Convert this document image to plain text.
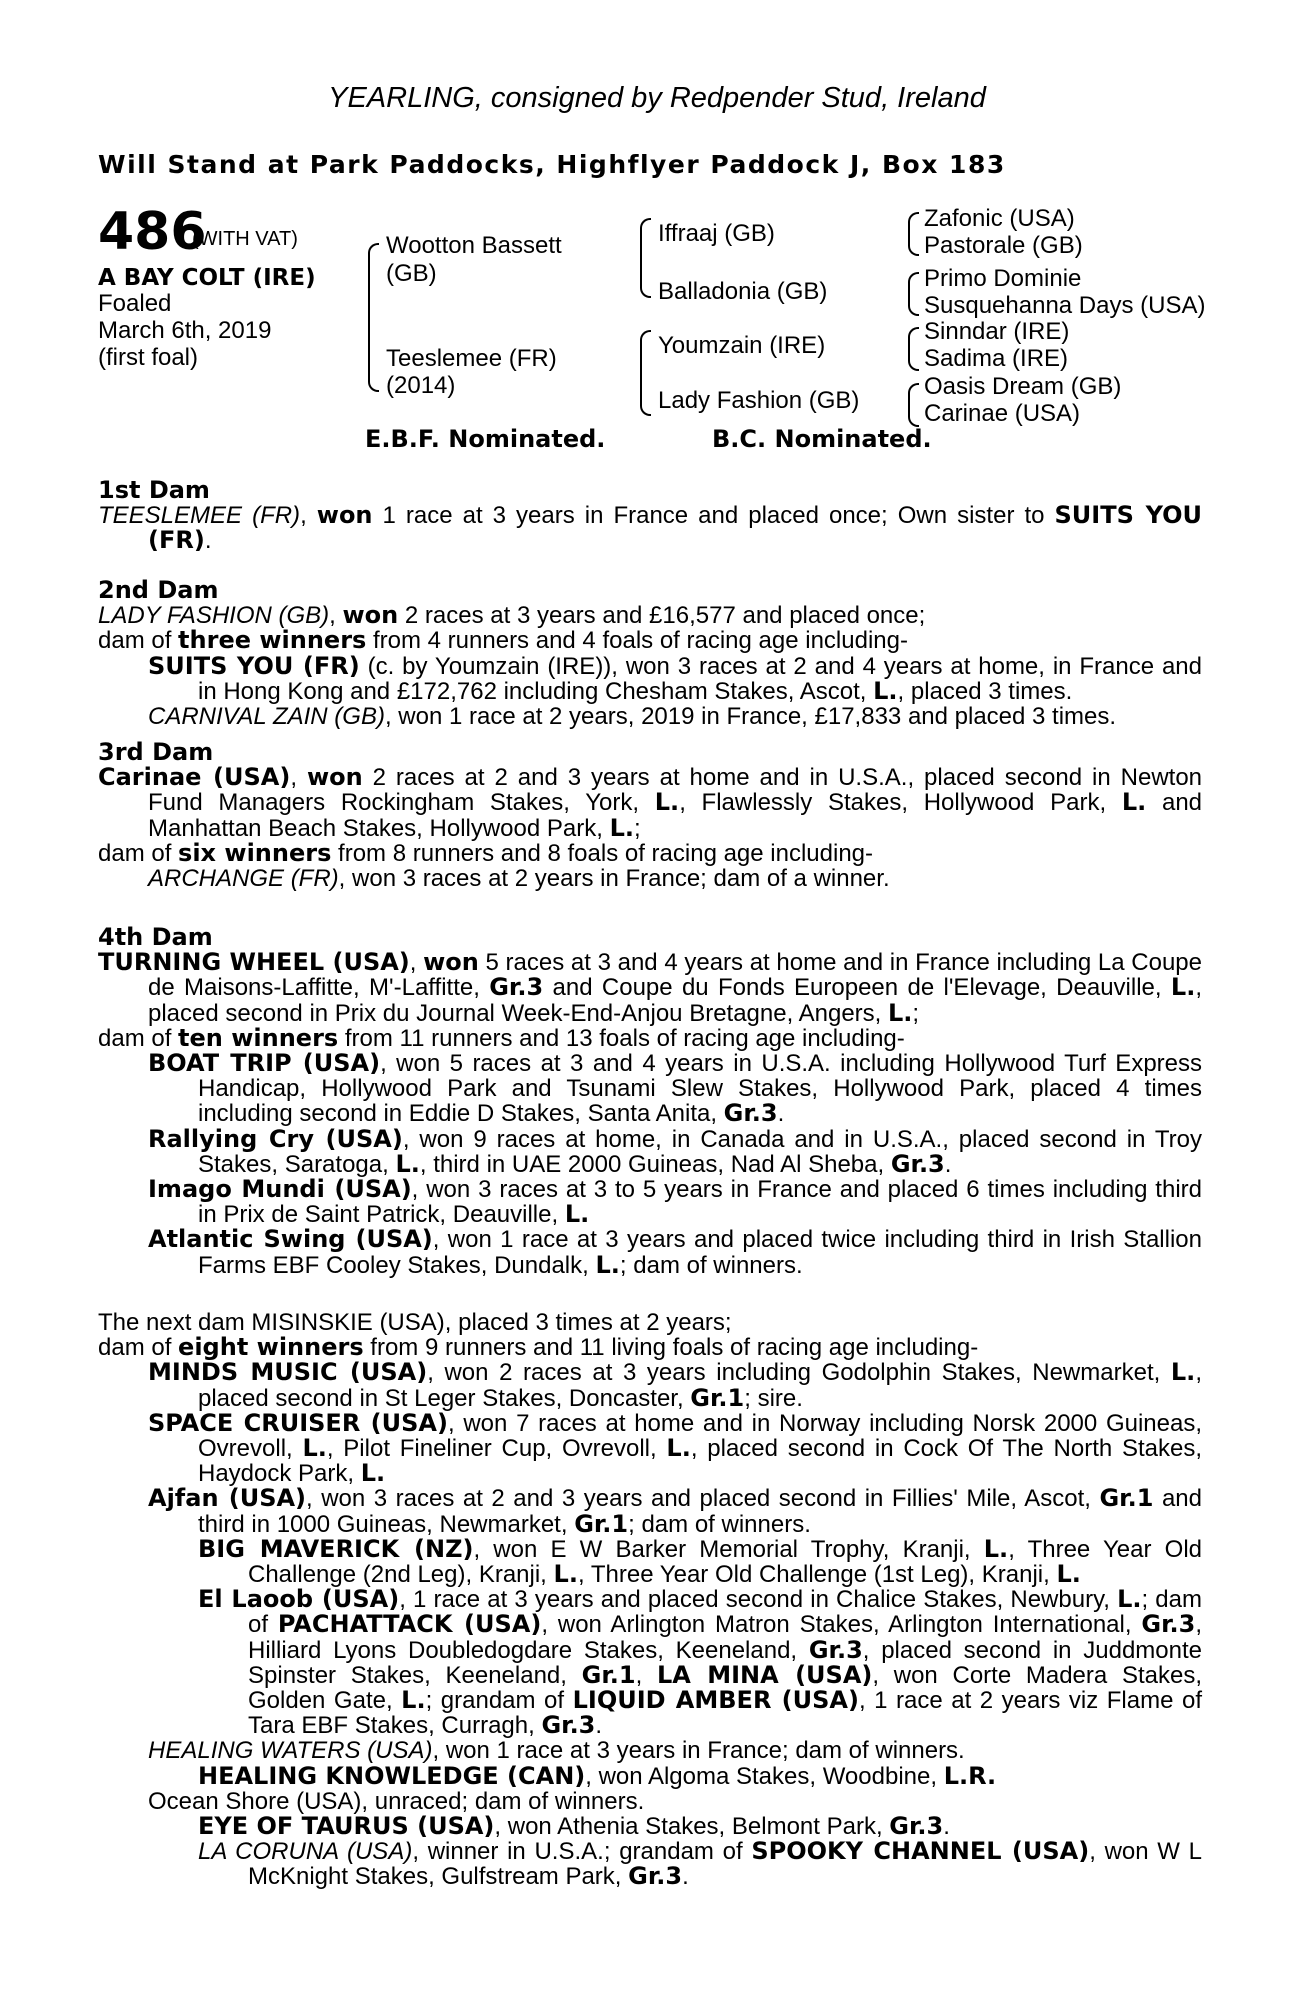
YEARLING, consigned by Redpender Stud, Ireland
Will Stand at Park Paddocks, Highflyer Paddock J, Box 183
486
(WITH VAT)
A BAY COLT (IRE)
Foaled
March 6th, 2019
(first foal)
Wootton Bassett
(GB)
Teeslemee (FR)
(2014)
Iffraaj (GB)
Balladonia (GB)
Youmzain (IRE)
Lady Fashion (GB)
Zafonic (USA)
Pastorale (GB)
Primo Dominie
Susquehanna Days (USA)
Sinndar (IRE)
Sadima (IRE)
Oasis Dream (GB)
Carinae (USA)
E.B.F. Nominated.	B.C. Nominated.
1st Dam
TEESLEMEE (FR), won 1 race at 3 years in France and placed once; Own sister to SUITS YOU (FR).
2nd Dam
LADY FASHION (GB), won 2 races at 3 years and £16,577 and placed once;
dam of three winners from 4 runners and 4 foals of racing age including-
SUITS YOU (FR) (c. by Youmzain (IRE)), won 3 races at 2 and 4 years at home, in France and in Hong Kong and £172,762 including Chesham Stakes, Ascot, L., placed 3 times.
CARNIVAL ZAIN (GB), won 1 race at 2 years, 2019 in France, £17,833 and placed 3 times.
3rd Dam
Carinae (USA), won 2 races at 2 and 3 years at home and in U.S.A., placed second in Newton Fund Managers Rockingham Stakes, York, L., Flawlessly Stakes, Hollywood Park, L. and Manhattan Beach Stakes, Hollywood Park, L.;
dam of six winners from 8 runners and 8 foals of racing age including-
ARCHANGE (FR), won 3 races at 2 years in France; dam of a winner.
4th Dam
TURNING WHEEL (USA), won 5 races at 3 and 4 years at home and in France including La Coupe de Maisons-Laffitte, M'-Laffitte, Gr.3 and Coupe du Fonds Europeen de l'Elevage, Deauville, L., placed second in Prix du Journal Week-End-Anjou Bretagne, Angers, L.;
dam of ten winners from 11 runners and 13 foals of racing age including-
BOAT TRIP (USA), won 5 races at 3 and 4 years in U.S.A. including Hollywood Turf Express Handicap, Hollywood Park and Tsunami Slew Stakes, Hollywood Park, placed 4 times including second in Eddie D Stakes, Santa Anita, Gr.3.
Rallying Cry (USA), won 9 races at home, in Canada and in U.S.A., placed second in Troy Stakes, Saratoga, L., third in UAE 2000 Guineas, Nad Al Sheba, Gr.3.
Imago Mundi (USA), won 3 races at 3 to 5 years in France and placed 6 times including third in Prix de Saint Patrick, Deauville, L.
Atlantic Swing (USA), won 1 race at 3 years and placed twice including third in Irish Stallion Farms EBF Cooley Stakes, Dundalk, L.; dam of winners.
The next dam MISINSKIE (USA), placed 3 times at 2 years;
dam of eight winners from 9 runners and 11 living foals of racing age including-
MINDS MUSIC (USA), won 2 races at 3 years including Godolphin Stakes, Newmarket, L., placed second in St Leger Stakes, Doncaster, Gr.1; sire.
SPACE CRUISER (USA), won 7 races at home and in Norway including Norsk 2000 Guineas, Ovrevoll, L., Pilot Fineliner Cup, Ovrevoll, L., placed second in Cock Of The North Stakes, Haydock Park, L.
Ajfan (USA), won 3 races at 2 and 3 years and placed second in Fillies' Mile, Ascot, Gr.1 and third in 1000 Guineas, Newmarket, Gr.1; dam of winners.
BIG MAVERICK (NZ), won E W Barker Memorial Trophy, Kranji, L., Three Year Old Challenge (2nd Leg), Kranji, L., Three Year Old Challenge (1st Leg), Kranji, L.
El Laoob (USA), 1 race at 3 years and placed second in Chalice Stakes, Newbury, L.; dam of PACHATTACK (USA), won Arlington Matron Stakes, Arlington International, Gr.3, Hilliard Lyons Doubledogdare Stakes, Keeneland, Gr.3, placed second in Juddmonte Spinster Stakes, Keeneland, Gr.1, LA MINA (USA), won Corte Madera Stakes, Golden Gate, L.; grandam of LIQUID AMBER (USA), 1 race at 2 years viz Flame of Tara EBF Stakes, Curragh, Gr.3.
HEALING WATERS (USA), won 1 race at 3 years in France; dam of winners.
HEALING KNOWLEDGE (CAN), won Algoma Stakes, Woodbine, L.R.
Ocean Shore (USA), unraced; dam of winners.
EYE OF TAURUS (USA), won Athenia Stakes, Belmont Park, Gr.3.
LA CORUNA (USA), winner in U.S.A.; grandam of SPOOKY CHANNEL (USA), won W L McKnight Stakes, Gulfstream Park, Gr.3.
